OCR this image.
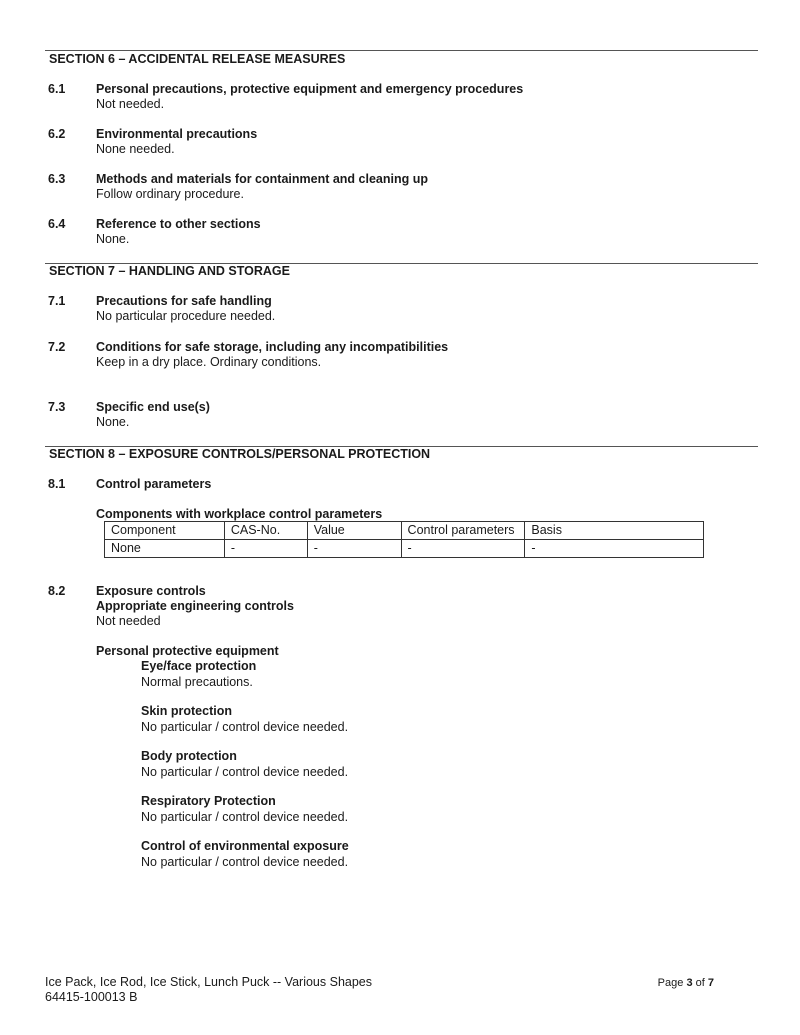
SECTION 6 – ACCIDENTAL RELEASE MEASURES
6.1 Personal precautions, protective equipment and emergency procedures
Not needed.
6.2 Environmental precautions
None needed.
6.3 Methods and materials for containment and cleaning up
Follow ordinary procedure.
6.4 Reference to other sections
None.
SECTION 7 – HANDLING AND STORAGE
7.1 Precautions for safe handling
No particular procedure needed.
7.2 Conditions for safe storage, including any incompatibilities
Keep in a dry place. Ordinary conditions.
7.3 Specific end use(s)
None.
SECTION 8 – EXPOSURE CONTROLS/PERSONAL PROTECTION
8.1 Control parameters
Components with workplace control parameters
Component	CAS-No.	Value	Control parameters	Basis
None	-	-	-	-
8.2 Exposure controls
Appropriate engineering controls
Not needed
Personal protective equipment
Eye/face protection
Normal precautions.
Skin protection
No particular / control device needed.
Body protection
No particular / control device needed.
Respiratory Protection
No particular / control device needed.
Control of environmental exposure
No particular / control device needed.
Ice Pack, Ice Rod, Ice Stick, Lunch Puck -- Various Shapes
64415-100013 B
Page 3 of 7
